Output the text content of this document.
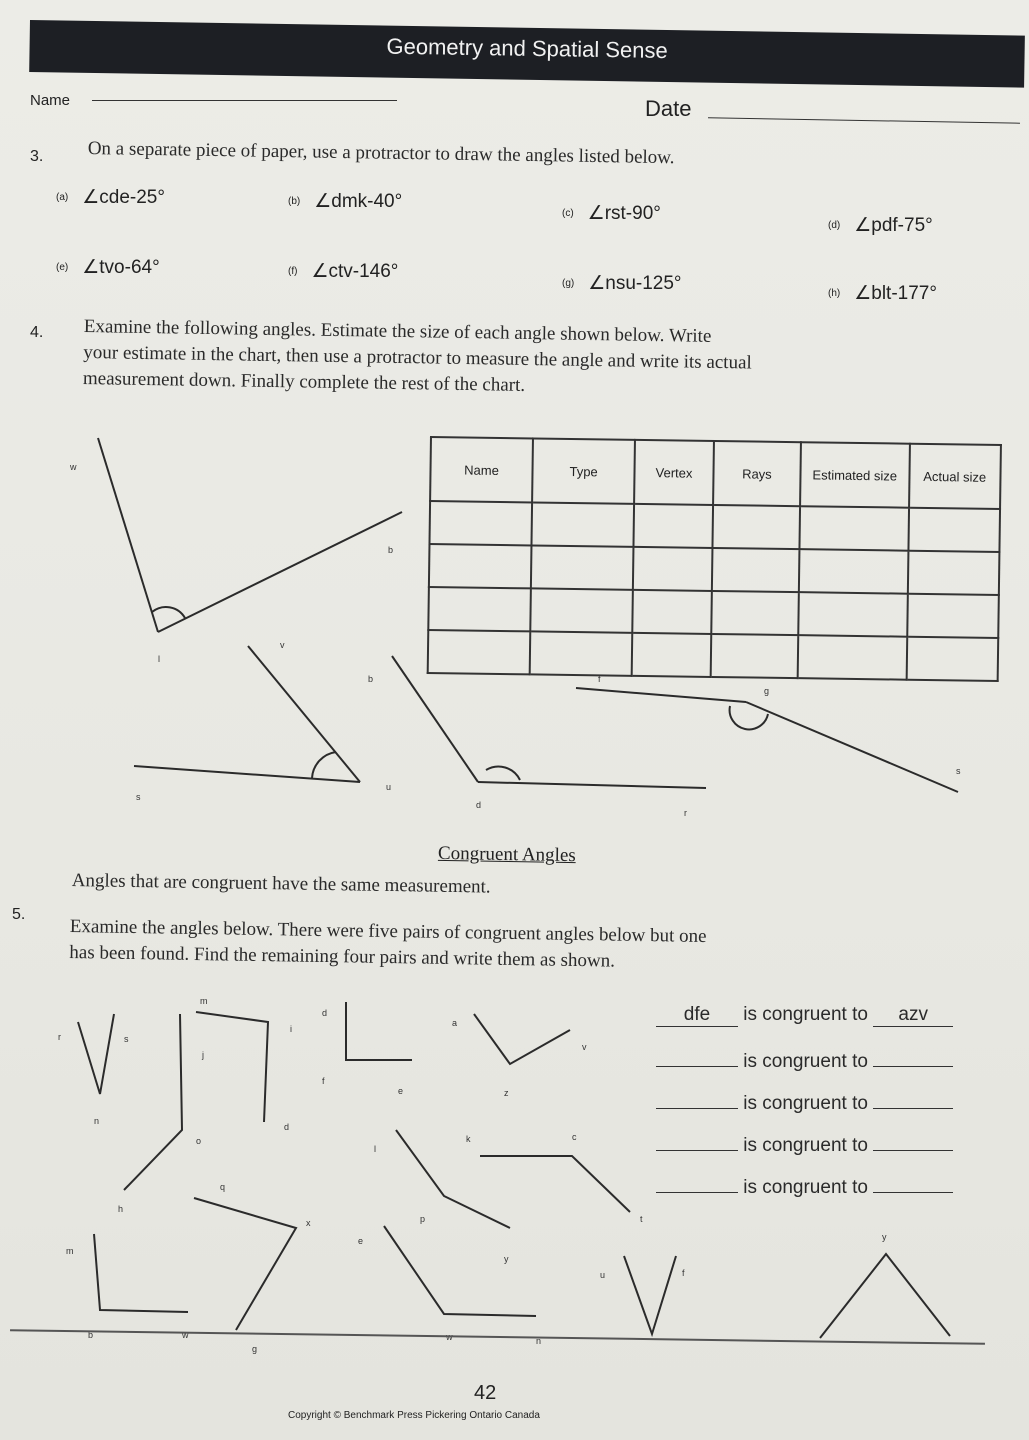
Geometry and Spatial Sense
Name	Date
3. On a separate piece of paper, use a protractor to draw the angles listed below.
(a) ∠cde-25°	(b) ∠dmk-40°
(c) ∠rst-90°
(d) ∠pdf-75°
(e) ∠tvo-64°	(f) ∠ctv-146°
(g) ∠nsu-125°	(h) ∠blt-177°
4. Examine the following angles. Estimate the size of each angle shown below. Write
your estimate in the chart, then use a protractor to measure the angle and write its actual
measurement down. Finally complete the rest of the chart.
Name	Type	Vertex	Rays	Estimated size	Actual size

w
b
l
v
s
u
b
d
r
f
g
s
r	s
n
m
j
o
i
d
d
f
e
a
z
v
l
p
k	c
t
q
h
x
e
y
m
b	w
u
g
w
f
n
y
Congruent Angles
Angles that are congruent have the same measurement.
5.
Examine the angles below. There were five pairs of congruent angles below but one
has been found. Find the remaining four pairs and write them as shown.
dfe is congruent to azv
is congruent to
is congruent to
is congruent to
is congruent to
42
Copyright © Benchmark Press Pickering Ontario Canada
